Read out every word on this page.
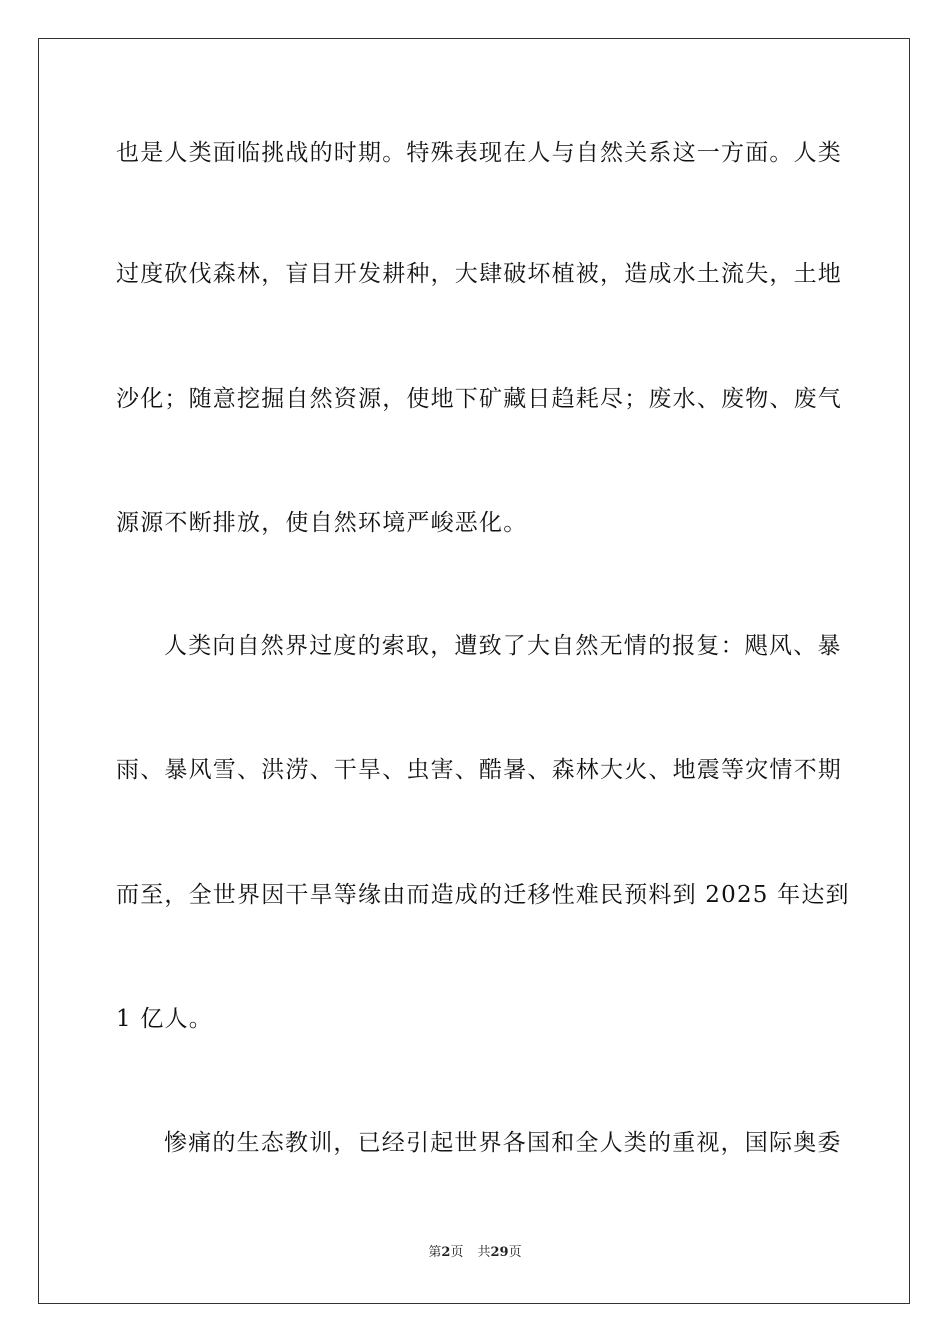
也是人类面临挑战的时期。特殊表现在人与自然关系这一方面。人类
过度砍伐森林，盲目开发耕种，大肆破坏植被，造成水土流失，土地
沙化；随意挖掘自然资源，使地下矿藏日趋耗尽；废水、废物、废气
源源不断排放，使自然环境严峻恶化。
人类向自然界过度的索取，遭致了大自然无情的报复：飓风、暴
雨、暴风雪、洪涝、干旱、虫害、酷暑、森林大火、地震等灾情不期
而至，全世界因干旱等缘由而造成的迁移性难民预料到 2025 年达到
1 亿人。
惨痛的生态教训，已经引起世界各国和全人类的重视，国际奥委
第2页 共29页
